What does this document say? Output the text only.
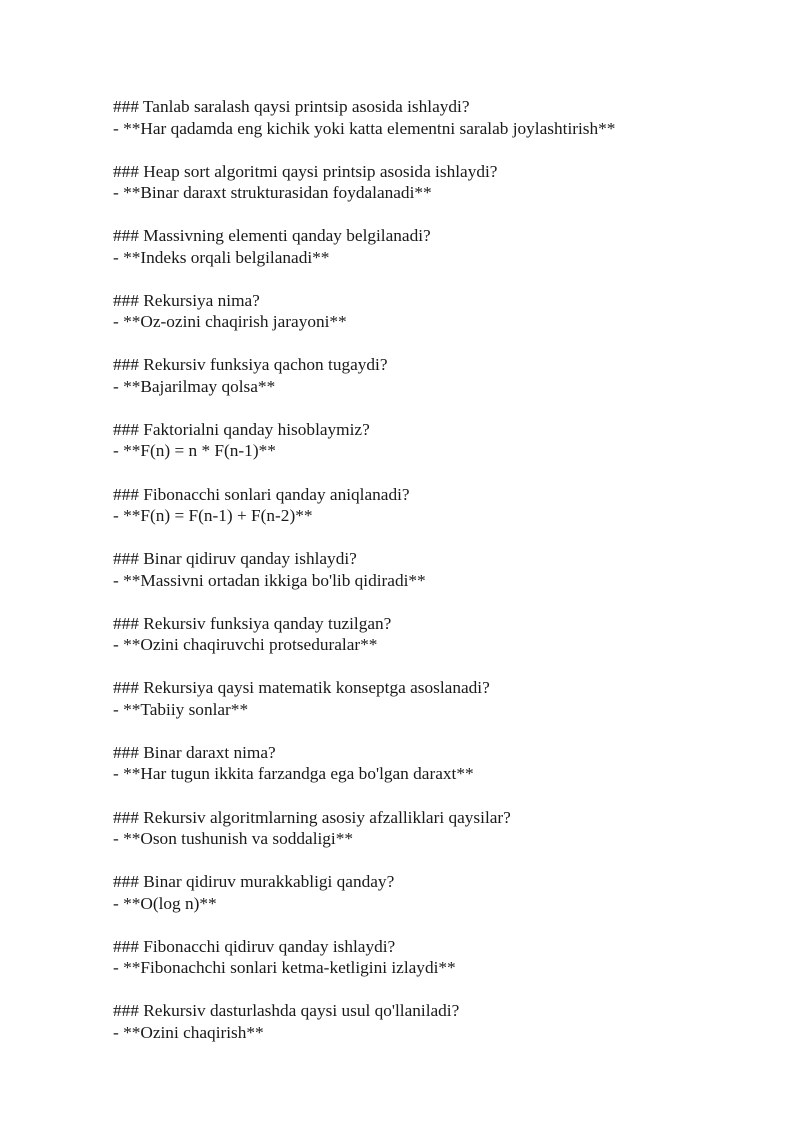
### Tanlab saralash qaysi printsip asosida ishlaydi?
- **Har qadamda eng kichik yoki katta elementni saralab joylashtirish**
### Heap sort algoritmi qaysi printsip asosida ishlaydi?
- **Binar daraxt strukturasidan foydalanadi**
### Massivning elementi qanday belgilanadi?
- **Indeks orqali belgilanadi**
### Rekursiya nima?
- **Oz-ozini chaqirish jarayoni**
### Rekursiv funksiya qachon tugaydi?
- **Bajarilmay qolsa**
### Faktorialni qanday hisoblaymiz?
- **F(n) = n * F(n-1)**
### Fibonacchi sonlari qanday aniqlanadi?
- **F(n) = F(n-1) + F(n-2)**
### Binar qidiruv qanday ishlaydi?
- **Massivni ortadan ikkiga bo'lib qidiradi**
### Rekursiv funksiya qanday tuzilgan?
- **Ozini chaqiruvchi protseduralar**
### Rekursiya qaysi matematik konseptga asoslanadi?
- **Tabiiy sonlar**
### Binar daraxt nima?
- **Har tugun ikkita farzandga ega bo'lgan daraxt**
### Rekursiv algoritmlarning asosiy afzalliklari qaysilar?
- **Oson tushunish va soddaligi**
### Binar qidiruv murakkabligi qanday?
- **O(log n)**
### Fibonacchi qidiruv qanday ishlaydi?
- **Fibonachchi sonlari ketma-ketligini izlaydi**
### Rekursiv dasturlashda qaysi usul qo'llaniladi?
- **Ozini chaqirish**
